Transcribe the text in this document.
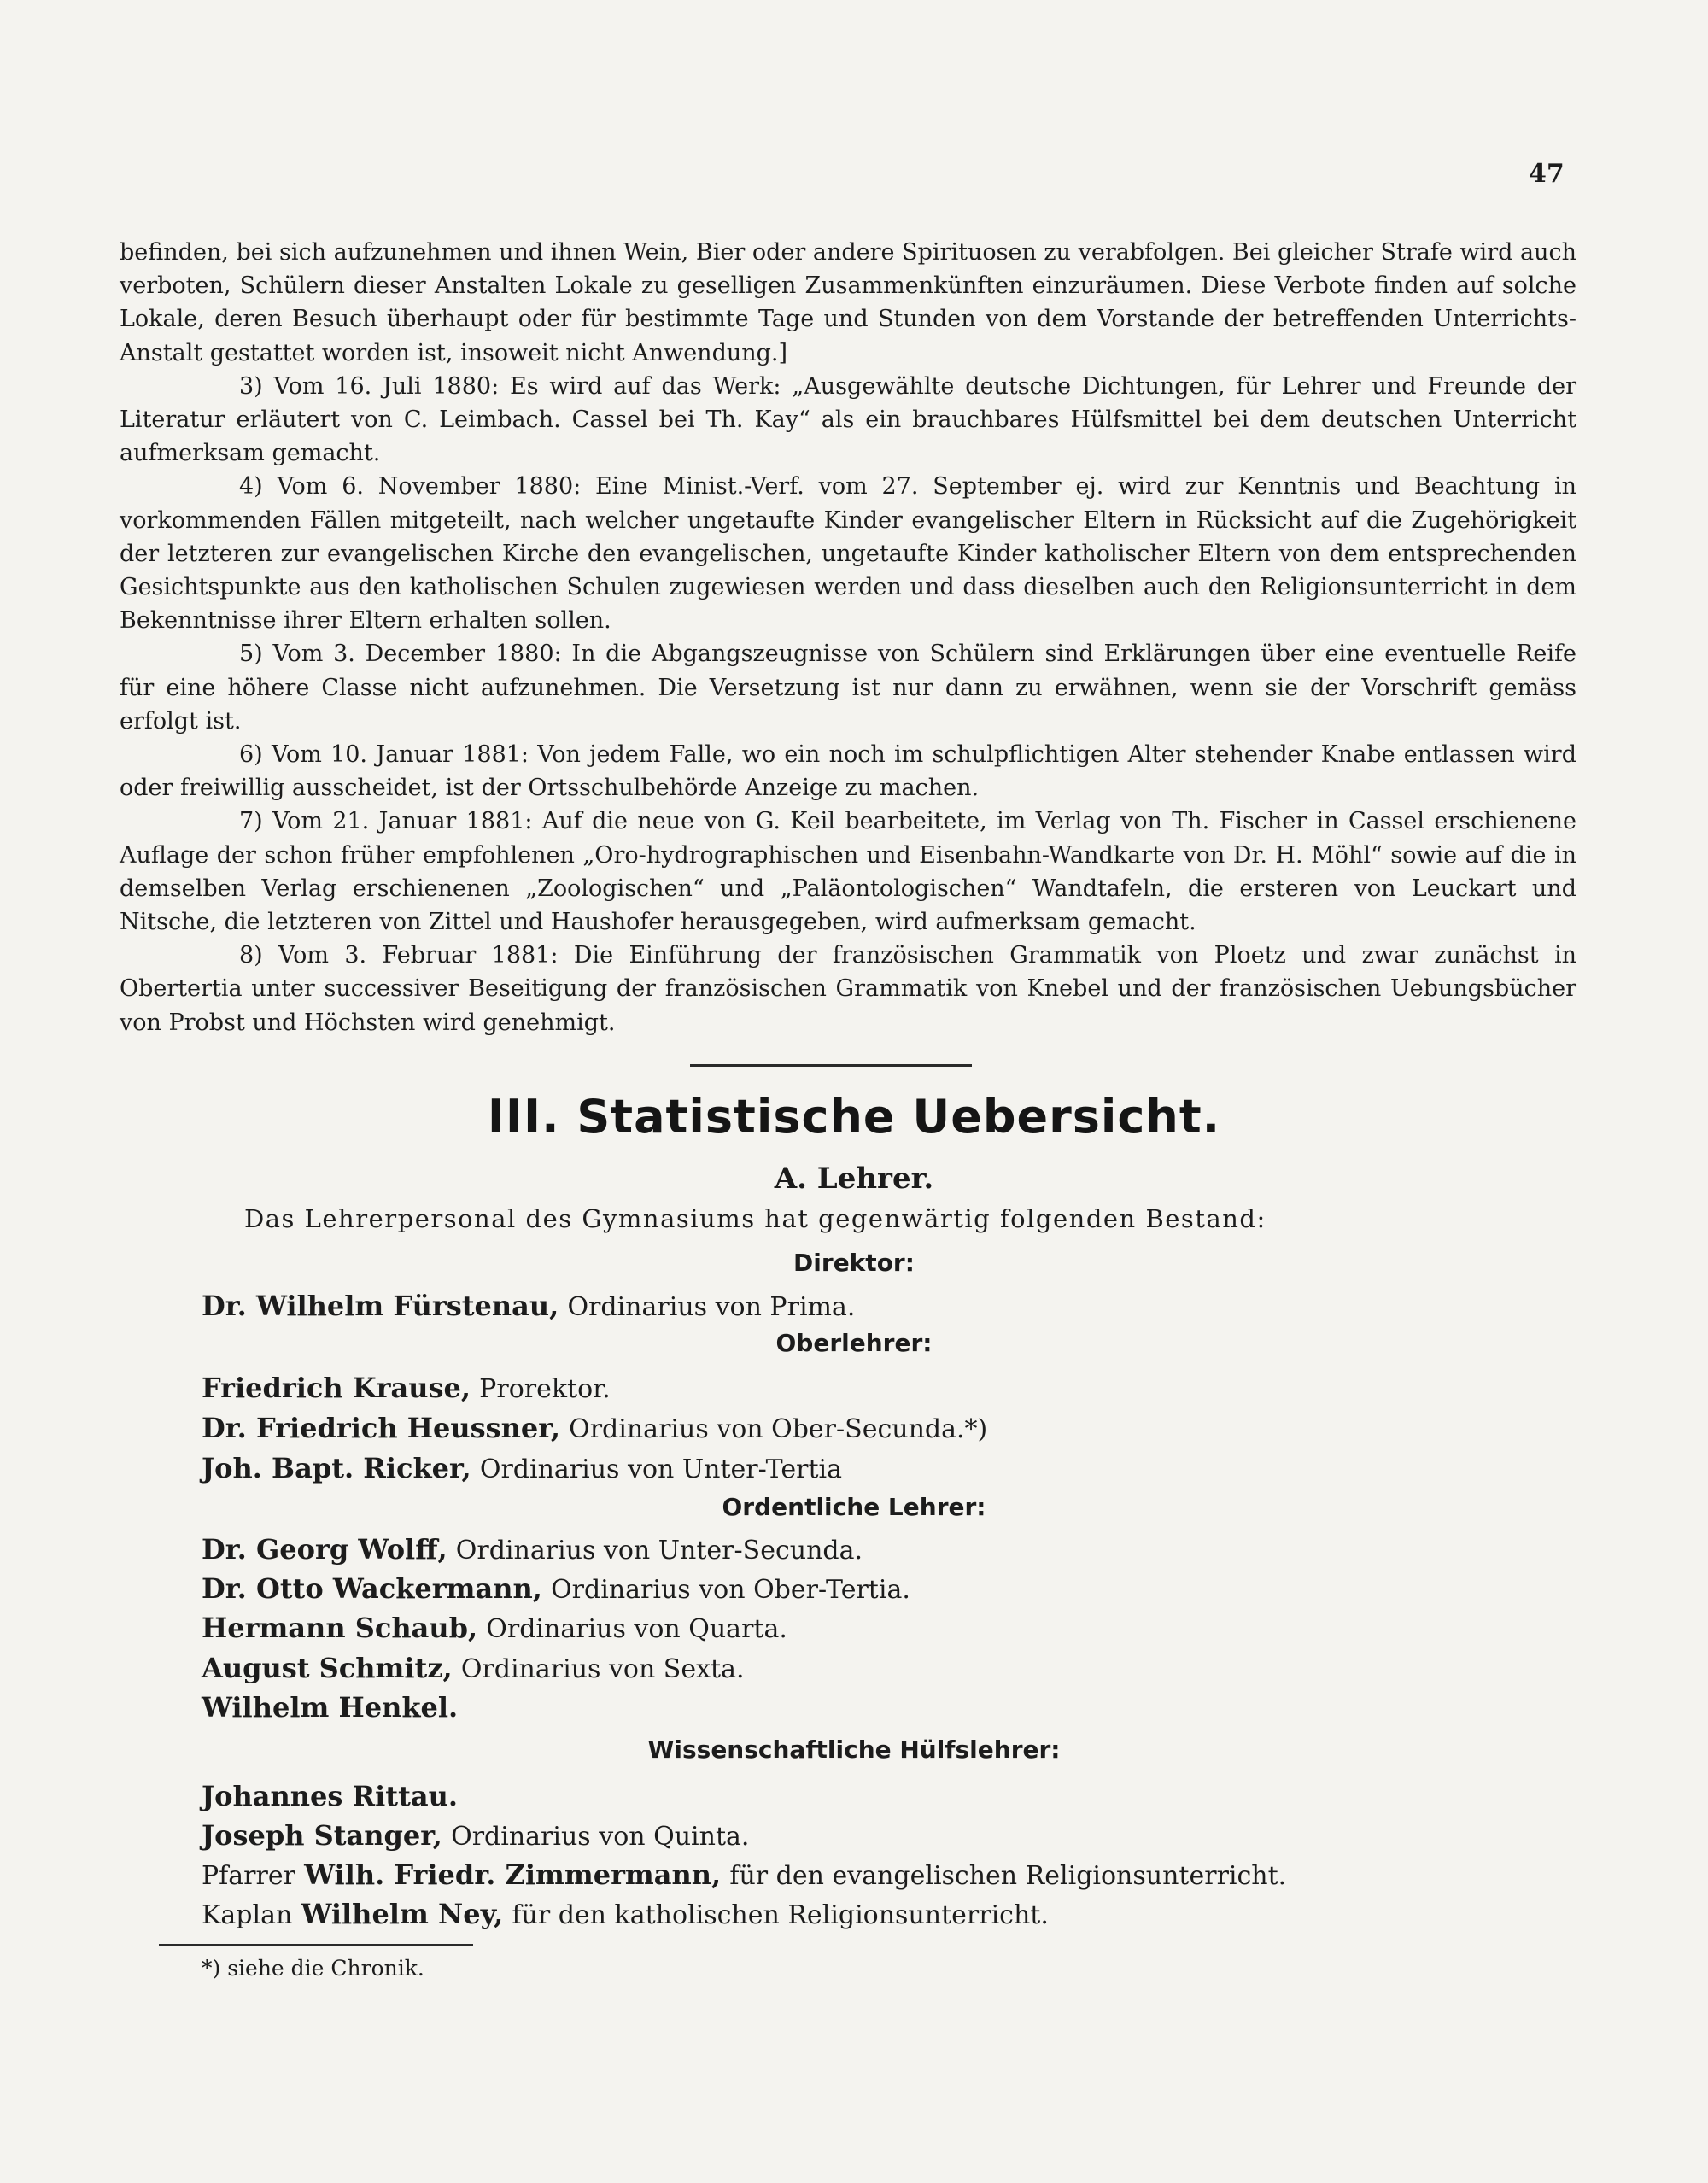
47

befinden, bei sich aufzunehmen und ihnen Wein, Bier oder andere Spirituosen zu verabfolgen. Bei gleicher Strafe wird auch verboten, Schülern dieser Anstalten Lokale zu geselligen Zusammenkünften einzuräumen. Diese Verbote finden auf solche Lokale, deren Besuch überhaupt oder für bestimmte Tage und Stunden von dem Vorstande der betreffenden Unterrichts-Anstalt gestattet worden ist, insoweit nicht Anwendung.]

3) Vom 16. Juli 1880: Es wird auf das Werk: „Ausgewählte deutsche Dichtungen, für Lehrer und Freunde der Literatur erläutert von C. Leimbach. Cassel bei Th. Kay“ als ein brauchbares Hülfsmittel bei dem deutschen Unterricht aufmerksam gemacht.

4) Vom 6. November 1880: Eine Minist.-Verf. vom 27. September ej. wird zur Kenntnis und Beachtung in vorkommenden Fällen mitgeteilt, nach welcher ungetaufte Kinder evangelischer Eltern in Rücksicht auf die Zugehörigkeit der letzteren zur evangelischen Kirche den evangelischen, ungetaufte Kinder katholischer Eltern von dem entsprechenden Gesichtspunkte aus den katholischen Schulen zugewiesen werden und dass dieselben auch den Religionsunterricht in dem Bekenntnisse ihrer Eltern erhalten sollen.

5) Vom 3. December 1880: In die Abgangszeugnisse von Schülern sind Erklärungen über eine eventuelle Reife für eine höhere Classe nicht aufzunehmen. Die Versetzung ist nur dann zu erwähnen, wenn sie der Vorschrift gemäss erfolgt ist.

6) Vom 10. Januar 1881: Von jedem Falle, wo ein noch im schulpflichtigen Alter stehender Knabe entlassen wird oder freiwillig ausscheidet, ist der Ortsschulbehörde Anzeige zu machen.

7) Vom 21. Januar 1881: Auf die neue von G. Keil bearbeitete, im Verlag von Th. Fischer in Cassel erschienene Auflage der schon früher empfohlenen „Oro-hydrographischen und Eisenbahn-Wandkarte von Dr. H. Möhl“ sowie auf die in demselben Verlag erschienenen „Zoologischen“ und „Paläontologischen“ Wandtafeln, die ersteren von Leuckart und Nitsche, die letzteren von Zittel und Haushofer herausgegeben, wird aufmerksam gemacht.

8) Vom 3. Februar 1881: Die Einführung der französischen Grammatik von Ploetz und zwar zunächst in Obertertia unter successiver Beseitigung der französischen Grammatik von Knebel und der französischen Uebungsbücher von Probst und Höchsten wird genehmigt.

III. Statistische Uebersicht.
A. Lehrer.
Das Lehrerpersonal des Gymnasiums hat gegenwärtig folgenden Bestand:
Direktor:
Dr. Wilhelm Fürstenau, Ordinarius von Prima.
Oberlehrer:
Friedrich Krause, Prorektor.
Dr. Friedrich Heussner, Ordinarius von Ober-Secunda.*)
Joh. Bapt. Ricker, Ordinarius von Unter-Tertia
Ordentliche Lehrer:
Dr. Georg Wolff, Ordinarius von Unter-Secunda.
Dr. Otto Wackermann, Ordinarius von Ober-Tertia.
Hermann Schaub, Ordinarius von Quarta.
August Schmitz, Ordinarius von Sexta.
Wilhelm Henkel.
Wissenschaftliche Hülfslehrer:
Johannes Rittau.
Joseph Stanger, Ordinarius von Quinta.
Pfarrer Wilh. Friedr. Zimmermann, für den evangelischen Religionsunterricht.
Kaplan Wilhelm Ney, für den katholischen Religionsunterricht.
*) siehe die Chronik.
